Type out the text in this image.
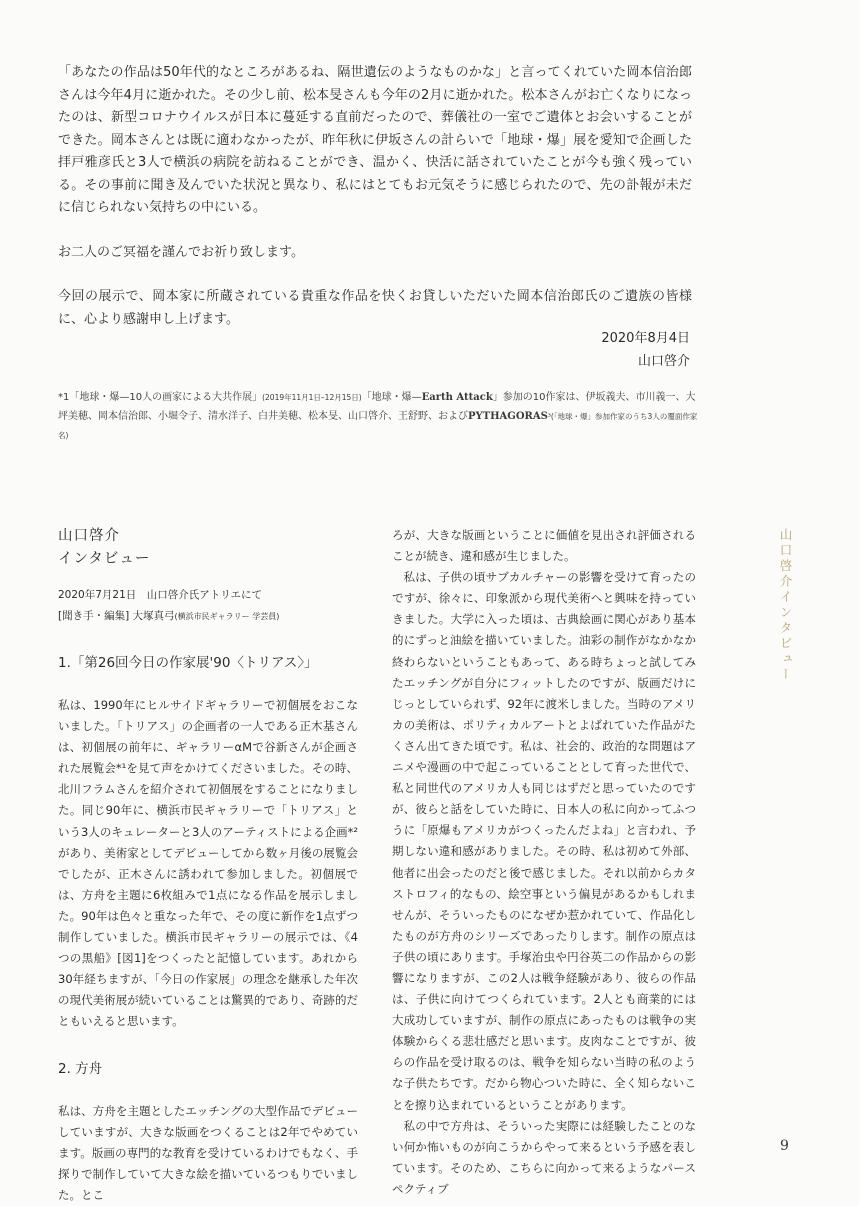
「あなたの作品は50年代的なところがあるね、隔世遺伝のようなものかな」と言ってくれていた岡本信治郎さんは今年4月に逝かれた。その少し前、松本旻さんも今年の2月に逝かれた。松本さんがお亡くなりになったのは、新型コロナウイルスが日本に蔓延する直前だったので、葬儀社の一室でご遺体とお会いすることができた。岡本さんとは既に適わなかったが、昨年秋に伊坂さんの計らいで「地球・爆」展を愛知で企画した拝戸雅彦氏と3人で横浜の病院を訪ねることができ、温かく、快活に話されていたことが今も強く残っている。その事前に聞き及んでいた状況と異なり、私にはとてもお元気そうに感じられたので、先の訃報が未だに信じられない気持ちの中にいる。

お二人のご冥福を謹んでお祈り致します。

今回の展示で、岡本家に所蔵されている貴重な作品を快くお貸しいただいた岡本信治郎氏のご遺族の皆様に、心より感謝申し上げます。

2020年8月4日
山口啓介
*1「地球・爆—10人の画家による大共作展」(2019年11月1日–12月15日)「地球・爆—Earth Attack」参加の10作家は、伊坂義夫、市川義一、大坪美穂、岡本信治郎、小堀令子、清水洋子、白井美穂、松本旻、山口啓介、王舒野、およびPYTHAGORAS³(「地球・爆」参加作家のうち3人の覆面作家名)
山口啓介
インタビュー
2020年7月21日　山口啓介氏アトリエにて
[聞き手・編集] 大塚真弓(横浜市民ギャラリー 学芸員)
1.「第26回今日の作家展'90〈トリアス〉」

私は、1990年にヒルサイドギャラリーで初個展をおこないました。「トリアス」の企画者の一人である正木基さんは、初個展の前年に、ギャラリーαMで谷新さんが企画された展覧会*¹を見て声をかけてくださいました。その時、北川フラムさんを紹介されて初個展をすることになりました。同じ90年に、横浜市民ギャラリーで「トリアス」という3人のキュレーターと3人のアーティストによる企画*²があり、美術家としてデビューしてから数ヶ月後の展覧会でしたが、正木さんに誘われて参加しました。初個展では、方舟を主題に6枚組みで1点になる作品を展示しました。90年は色々と重なった年で、その度に新作を1点ずつ制作していました。横浜市民ギャラリーの展示では、《4つの黒船》[図1]をつくったと記憶しています。あれから30年経ちますが、「今日の作家展」の理念を継承した年次の現代美術展が続いていることは驚異的であり、奇跡的だともいえると思います。

2. 方舟

私は、方舟を主題としたエッチングの大型作品でデビューしていますが、大きな版画をつくることは2年でやめています。版画の専門的な教育を受けているわけでもなく、手探りで制作していて大きな絵を描いているつもりでいました。とこ

ろが、大きな版画ということに価値を見出され評価されることが続き、違和感が生じました。

私は、子供の頃サブカルチャーの影響を受けて育ったのですが、徐々に、印象派から現代美術へと興味を持っていきました。大学に入った頃は、古典絵画に関心があり基本的にずっと油絵を描いていました。油彩の制作がなかなか終わらないということもあって、ある時ちょっと試してみたエッチングが自分にフィットしたのですが、版画だけにじっとしていられず、92年に渡米しました。当時のアメリカの美術は、ポリティカルアートとよばれていた作品がたくさん出てきた頃です。私は、社会的、政治的な問題はアニメや漫画の中で起こっていることとして育った世代で、私と同世代のアメリカ人も同じはずだと思っていたのですが、彼らと話をしていた時に、日本人の私に向かってふつうに「原爆もアメリカがつくったんだよね」と言われ、予期しない違和感がありました。その時、私は初めて外部、他者に出会ったのだと後で感じました。それ以前からカタストロフィ的なもの、絵空事という偏見があるかもしれませんが、そういったものになぜか惹かれていて、作品化したものが方舟のシリーズであったりします。制作の原点は子供の頃にあります。手塚治虫や円谷英二の作品からの影響になりますが、この2人は戦争経験があり、彼らの作品は、子供に向けてつくられています。2人とも商業的には大成功していますが、制作の原点にあったものは戦争の実体験からくる悲壮感だと思います。皮肉なことですが、彼らの作品を受け取るのは、戦争を知らない当時の私のような子供たちです。だから物心ついた時に、全く知らないことを擦り込まれているということがあります。

私の中で方舟は、そういった実際には経験したことのない何か怖いものが向こうからやって来るという予感を表しています。そのため、こちらに向かって来るようなパースペクティブ

山口啓介インタビュー
9
